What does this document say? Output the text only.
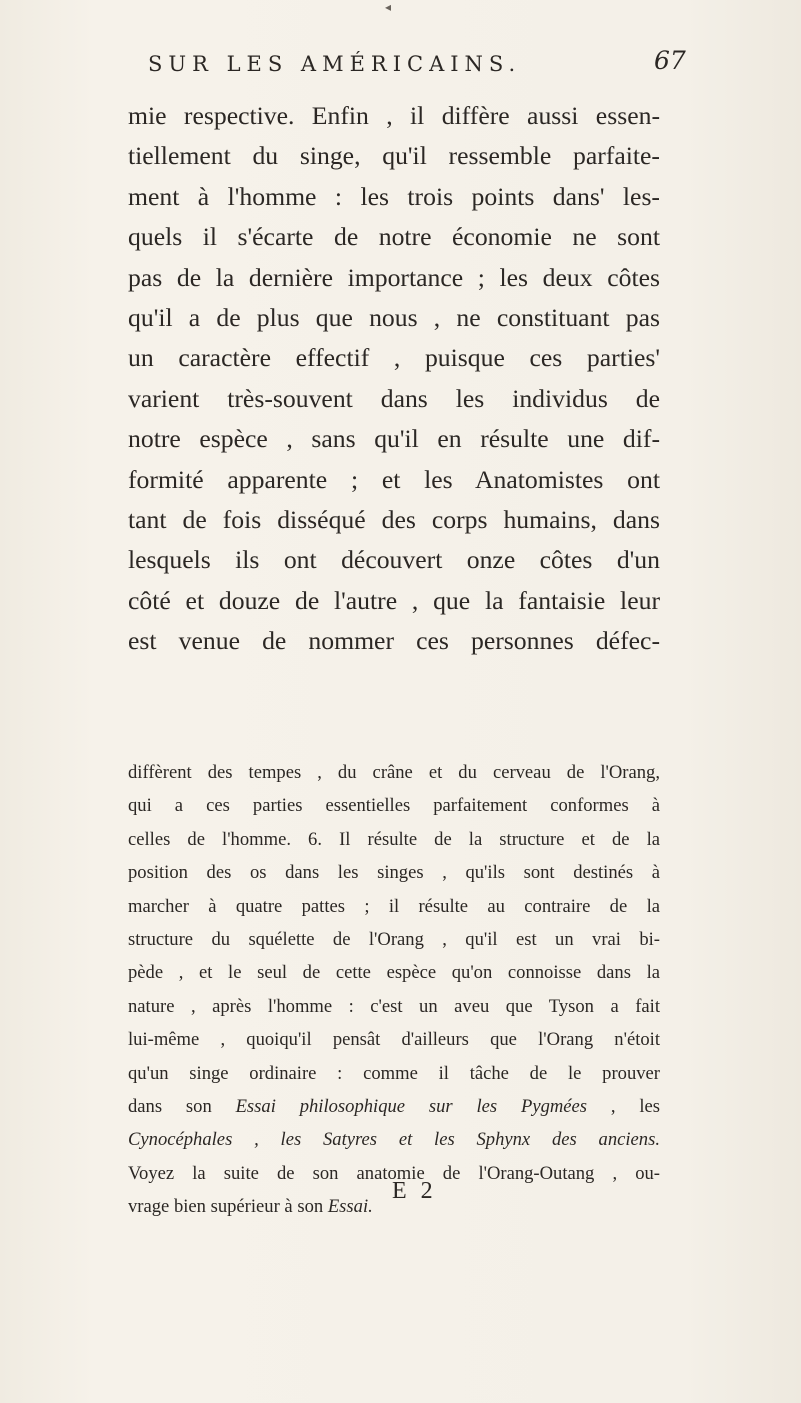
◂
SUR LES AMÉRICAINS.	67
mie respective. Enfin , il diffère aussi essen-
tiellement du singe, qu'il ressemble parfaite-
ment à l'homme : les trois points dans' les-
quels il s'écarte de notre économie ne sont
pas de la dernière importance ; les deux côtes
qu'il a de plus que nous , ne constituant pas
un caractère effectif , puisque ces parties'
varient très-souvent dans les individus de
notre espèce , sans qu'il en résulte une dif-
formité apparente ; et les Anatomistes ont
tant de fois disséqué des corps humains, dans
lesquels ils ont découvert onze côtes d'un
côté et douze de l'autre , que la fantaisie leur
est venue de nommer ces personnes défec-
diffèrent des tempes , du crâne et du cerveau de l'Orang,
qui a ces parties essentielles parfaitement conformes à
celles de l'homme. 6. Il résulte de la structure et de la
position des os dans les singes , qu'ils sont destinés à
marcher à quatre pattes ; il résulte au contraire de la
structure du squélette de l'Orang , qu'il est un vrai bi-
pède , et le seul de cette espèce qu'on connoisse dans la
nature , après l'homme : c'est un aveu que Tyson a fait
lui-même , quoiqu'il pensât d'ailleurs que l'Orang n'étoit
qu'un singe ordinaire : comme il tâche de le prouver
dans son Essai philosophique sur les Pygmées , les
Cynocéphales , les Satyres et les Sphynx des anciens.
Voyez la suite de son anatomie de l'Orang-Outang , ou-
vrage bien supérieur à son Essai.
E 2
